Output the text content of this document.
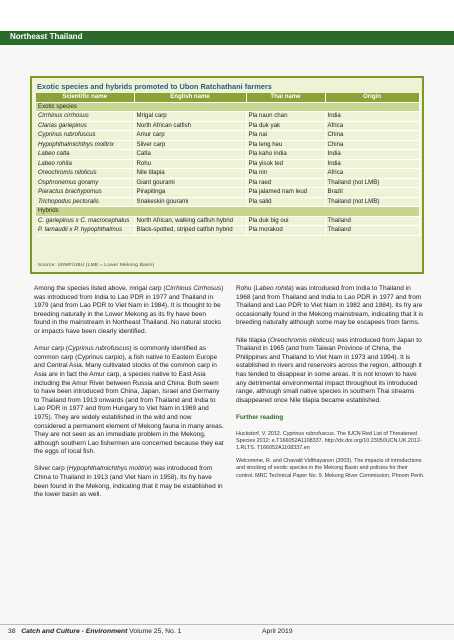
Northeast Thailand
Exotic species and hybrids promoted to Ubon Ratchathani farmers
Scientific name	English name	Thai name	Origin
Exotic species			
Cirrhinus cirrhosus	Mrigal carp	Pla naun chan	India
Clarias gariepinus	North African catfish	Pla duk yak	Africa
Cyprinus rubrofuscus	Amur carp	Pla nai	China
Hypophthalmichthys molitrix	Silver carp	Pla leng heu	China
Labeo catla	Catla	Pla kaho india	India
Labeo rohita	Rohu	Pla yisok ted	India
Oreochromis niloticus	Nile tilapia	Pla nin	Africa
Osphronemus goramy	Giant gourami	Pla raed	Thailand (not LMB)
Piaractus brachypomus	Pirapitinga	Pla jalamed nam leud	Brazil
Trichopodus pectoralis	Snakeskin gourami	Pla salid	Thailand (not LMB)
Hybrids			
C. gariepinus x C. macrocephalus	North African, walking catfish hybrid	Pla duk big oui	Thailand
P. larnaudii x P. hypophthalmus	Black-spotted, striped catfish hybrid	Pla morakod	Thailand
Source: UNMF/UBU (LMB = Lower Mekong Basin)

Among the species listed above, mrigal carp (Cirrhinus Cirrhosus) was introduced from India to Lao PDR in 1977 and Thailand in 1979 (and from Lao PDR to Viet Nam in 1984). It is thought to be breeding naturally in the Lower Mekong as its fry have been found in the mainstream in Northeast Thailand. No natural stocks or impacts have been clearly identified.

Amur carp (Cyprinus rubrofuscus) is commonly identified as common carp (Cyprinus carpio), a fish native to Eastern Europe and Central Asia. Many cultivated stocks of the common carp in Asia are in fact the Amur carp, a species native to East Asia including the Amur River between Russia and China. Both seem to have been introduced from China, Japan, Israel and Germany to Thailand from 1913 onwards (and from Thailand and India to Lao PDR in 1977 and from Hungary to Viet Nam in 1969 and 1975). They are widely established in the wild and now considered a permanent element of Mekong fauna in many areas. They are not seen as an immediate problem in the Mekong, although southern Lao fishermen are concerned because they eat the eggs of local fish.

Silver carp (Hypophthalmichthys molitrix) was introduced from China to Thailand in 1913 (and Viet Nam in 1958). Its fry have been found in the Mekong, indicating that it may be established in the lower basin as well.

Rohu (Labeo rohita) was introduced from India to Thailand in 1968 (and from Thailand and India to Lao PDR in 1977 and from Thailand and Lao PDR to Viet Nam in 1982 and 1984). Its fry are occasionally found in the Mekong mainstream, indicating that it is breeding naturally although some may be escapees from farms.

Nile tilapia (Oreochromis niloticus) was introduced from Japan to Thailand in 1965 (and from Taiwan Province of China, the Philippines and Thailand to Viet Nam in 1973 and 1994). It is established in rivers and reservoirs across the region, although it has tended to disappear in some areas. It is not known to have any detrimental environmental impact throughout its introduced range, although small native species in southern Thai streams disappeared once Nile tilapia became established.

Further reading
Huckstorf, V. 2012. Cyprinus rubrofuscus. The IUCN Red List of Threatened Species 2012: e.T166052A1108337. http://dx.doi.org/10.2305/IUCN.UK.2012-1.RLTS. T166052A1108337.en
Welcomme, R. and Chavalit Vidthayanon (2003). The impacts of introductions and stocking of exotic species in the Mekong Basin and policies for their control. MRC Technical Paper No. 9. Mekong River Commission, Phnom Penh.
38 Catch and Culture - Environment Volume 25, No. 1	April 2019
